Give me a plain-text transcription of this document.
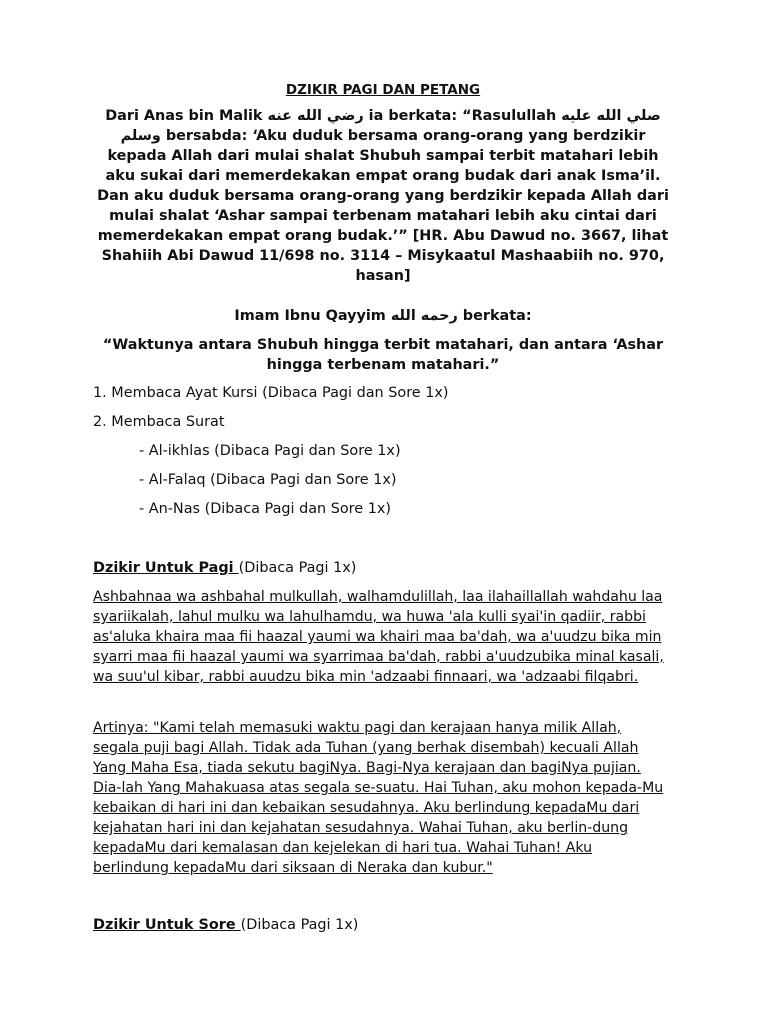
DZIKIR PAGI DAN PETANG

Dari Anas bin Malik رضي الله عنه ia berkata: “Rasulullah صلي الله عليه وسلم bersabda: ‘Aku duduk bersama orang-orang yang berdzikir kepada Allah dari mulai shalat Shubuh sampai terbit matahari lebih aku sukai dari memerdekakan empat orang budak dari anak Isma’il. Dan aku duduk bersama orang-orang yang berdzikir kepada Allah dari mulai shalat ‘Ashar sampai terbenam matahari lebih aku cintai dari memerdekakan empat orang budak.’” [HR. Abu Dawud no. 3667, lihat Shahiih Abi Dawud 11/698 no. 3114 – Misykaatul Mashaabiih no. 970, hasan]

Imam Ibnu Qayyim رحمه الله berkata:

“Waktunya antara Shubuh hingga terbit matahari, dan antara ‘Ashar hingga terbenam matahari.”

1. Membaca Ayat Kursi (Dibaca Pagi dan Sore 1x)

2. Membaca Surat

- Al-ikhlas (Dibaca Pagi dan Sore 1x)

- Al-Falaq (Dibaca Pagi dan Sore 1x)

- An-Nas (Dibaca Pagi dan Sore 1x)

Dzikir Untuk Pagi (Dibaca Pagi 1x)

Ashbahnaa wa ashbahal mulkullah, walhamdulillah, laa ilahaillallah wahdahu laa syariikalah, lahul mulku wa lahulhamdu, wa huwa 'ala kulli syai'in qadiir, rabbi as'aluka khaira maa fii haazal yaumi wa khairi maa ba'dah, wa a'uudzu bika min syarri maa fii haazal yaumi wa syarrimaa ba'dah, rabbi a'uudzubika minal kasali, wa suu'ul kibar, rabbi auudzu bika min 'adzaabi finnaari, wa 'adzaabi filqabri.

Artinya: "Kami telah memasuki waktu pagi dan kerajaan hanya milik Allah, segala puji bagi Allah. Tidak ada Tuhan (yang berhak disembah) kecuali Allah Yang Maha Esa, tiada sekutu bagiNya. Bagi-Nya kerajaan dan bagiNya pujian. Dia-lah Yang Mahakuasa atas segala se-suatu. Hai Tuhan, aku mohon kepada-Mu kebaikan di hari ini dan kebaikan sesudahnya. Aku berlindung kepadaMu dari kejahatan hari ini dan kejahatan sesudahnya. Wahai Tuhan, aku berlin-dung kepadaMu dari kemalasan dan kejelekan di hari tua. Wahai Tuhan! Aku berlindung kepadaMu dari siksaan di Neraka dan kubur."

Dzikir Untuk Sore (Dibaca Pagi 1x)
